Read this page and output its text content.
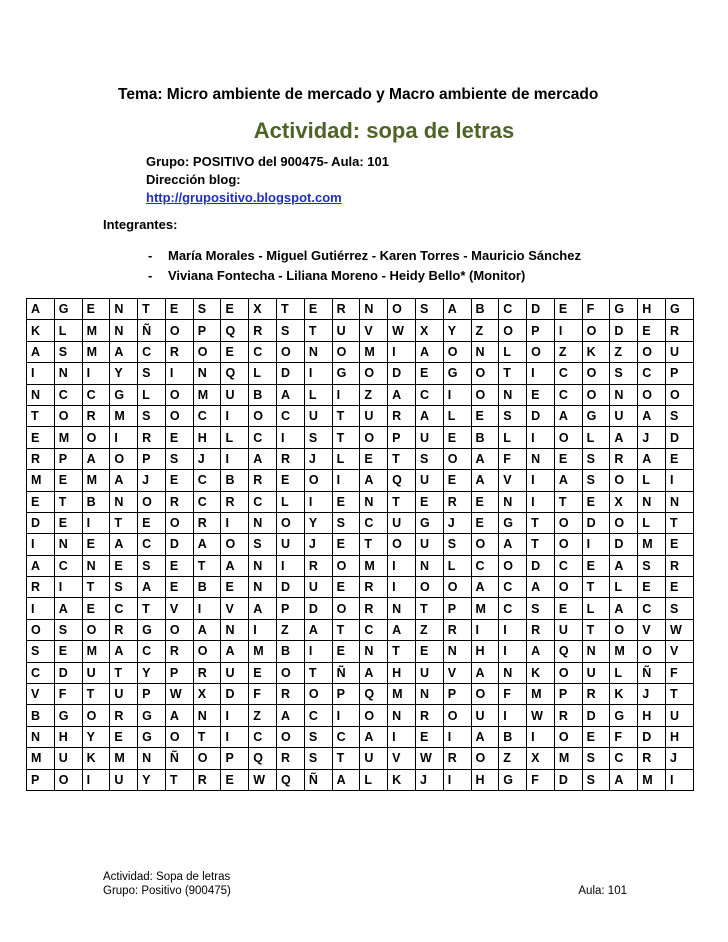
Tema: Micro ambiente de mercado y Macro ambiente de mercado
Actividad: sopa de letras
Grupo: POSITIVO del 900475- Aula: 101
Dirección blog:
http://grupositivo.blogspot.com
Integrantes:
- María Morales - Miguel Gutiérrez - Karen Torres - Mauricio Sánchez
- Viviana Fontecha - Liliana Moreno - Heidy Bello* (Monitor)
A	G	E	N	T	E	S	E	X	T	E	R	N	O	S	A	B	C	D	E	F	G	H	G
K	L	M	N	Ñ	O	P	Q	R	S	T	U	V	W	X	Y	Z	O	P	I	O	D	E	R
A	S	M	A	C	R	O	E	C	O	N	O	M	I	A	O	N	L	O	Z	K	Z	O	U
I	N	I	Y	S	I	N	Q	L	D	I	G	O	D	E	G	O	T	I	C	O	S	C	P
N	C	C	G	L	O	M	U	B	A	L	I	Z	A	C	I	O	N	E	C	O	N	O	O
T	O	R	M	S	O	C	I	O	C	U	T	U	R	A	L	E	S	D	A	G	U	A	S
E	M	O	I	R	E	H	L	C	I	S	T	O	P	U	E	B	L	I	O	L	A	J	D
R	P	A	O	P	S	J	I	A	R	J	L	E	T	S	O	A	F	N	E	S	R	A	E
M	E	M	A	J	E	C	B	R	E	O	I	A	Q	U	E	A	V	I	A	S	O	L	I
E	T	B	N	O	R	C	R	C	L	I	E	N	T	E	R	E	N	I	T	E	X	N	N
D	E	I	T	E	O	R	I	N	O	Y	S	C	U	G	J	E	G	T	O	D	O	L	T
I	N	E	A	C	D	A	O	S	U	J	E	T	O	U	S	O	A	T	O	I	D	M	E
A	C	N	E	S	E	T	A	N	I	R	O	M	I	N	L	C	O	D	C	E	A	S	R
R	I	T	S	A	E	B	E	N	D	U	E	R	I	O	O	A	C	A	O	T	L	E	E
I	A	E	C	T	V	I	V	A	P	D	O	R	N	T	P	M	C	S	E	L	A	C	S
O	S	O	R	G	O	A	N	I	Z	A	T	C	A	Z	R	I	I	R	U	T	O	V	W
S	E	M	A	C	R	O	A	M	B	I	E	N	T	E	N	H	I	A	Q	N	M	O	V
C	D	U	T	Y	P	R	U	E	O	T	Ñ	A	H	U	V	A	N	K	O	U	L	Ñ	F
V	F	T	U	P	W	X	D	F	R	O	P	Q	M	N	P	O	F	M	P	R	K	J	T
B	G	O	R	G	A	N	I	Z	A	C	I	O	N	R	O	U	I	W	R	D	G	H	U
N	H	Y	E	G	O	T	I	C	O	S	C	A	I	E	I	A	B	I	O	E	F	D	H
M	U	K	M	N	Ñ	O	P	Q	R	S	T	U	V	W	R	O	Z	X	M	S	C	R	J
P	O	I	U	Y	T	R	E	W	Q	Ñ	A	L	K	J	I	H	G	F	D	S	A	M	I
Actividad: Sopa de letras
Grupo: Positivo (900475)	Aula: 101
